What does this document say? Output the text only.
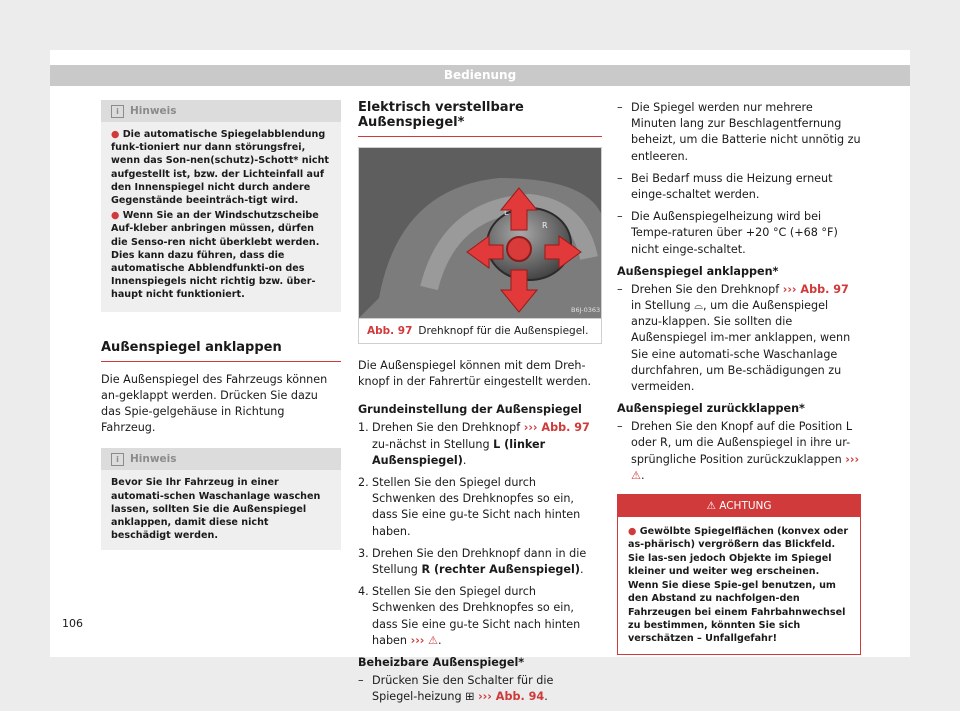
Bedienung
i Hinweis

● Die automatische Spiegelabblendung funk-tioniert nur dann störungsfrei, wenn das Son-nen(schutz)-Schott* nicht aufgestellt ist, bzw. der Lichteinfall auf den Innenspiegel nicht durch andere Gegenstände beeinträch-tigt wird.

● Wenn Sie an der Windschutzscheibe Auf-kleber anbringen müssen, dürfen die Senso-ren nicht überklebt werden. Dies kann dazu führen, dass die automatische Abblendfunkti-on des Innenspiegels nicht richtig bzw. über-haupt nicht funktioniert.

Außenspiegel anklappen

Die Außenspiegel des Fahrzeugs können an-geklappt werden. Drücken Sie dazu das Spie-gelgehäuse in Richtung Fahrzeug.

i Hinweis
Bevor Sie Ihr Fahrzeug in einer automati-schen Waschanlage waschen lassen, sollten Sie die Außenspiegel anklappen, damit diese nicht beschädigt werden.
Elektrisch verstellbare Außenspiegel*
L
R
B6J-0363
Abb. 97 Drehknopf für die Außenspiegel.

Die Außenspiegel können mit dem Dreh-knopf in der Fahrertür eingestellt werden.

Grundeinstellung der Außenspiegel
1. Drehen Sie den Drehknopf ››› Abb. 97 zu-nächst in Stellung L (linker Außenspiegel).
2. Stellen Sie den Spiegel durch Schwenken des Drehknopfes so ein, dass Sie eine gu-te Sicht nach hinten haben.
3. Drehen Sie den Drehknopf dann in die Stellung R (rechter Außenspiegel).
4. Stellen Sie den Spiegel durch Schwenken des Drehknopfes so ein, dass Sie eine gu-te Sicht nach hinten haben ››› ⚠.
Beheizbare Außenspiegel*
– Drücken Sie den Schalter für die Spiegel-heizung ⊞ ››› Abb. 94.
– Die Spiegel werden nur mehrere Minuten lang zur Beschlagentfernung beheizt, um die Batterie nicht unnötig zu entleeren.
– Bei Bedarf muss die Heizung erneut einge-schaltet werden.
– Die Außenspiegelheizung wird bei Tempe-raturen über +20 °C (+68 °F) nicht einge-schaltet.
Außenspiegel anklappen*
– Drehen Sie den Drehknopf ››› Abb. 97 in Stellung ⌓, um die Außenspiegel anzu-klappen. Sie sollten die Außenspiegel im-mer anklappen, wenn Sie eine automati-sche Waschanlage durchfahren, um Be-schädigungen zu vermeiden.
Außenspiegel zurückklappen*
– Drehen Sie den Knopf auf die Position L oder R, um die Außenspiegel in ihre ur-sprüngliche Position zurückzuklappen ››› ⚠.
⚠ ACHTUNG
● Gewölbte Spiegelflächen (konvex oder as-phärisch) vergrößern das Blickfeld. Sie las-sen jedoch Objekte im Spiegel kleiner und weiter weg erscheinen. Wenn Sie diese Spie-gel benutzen, um den Abstand zu nachfolgen-den Fahrzeugen bei einem Fahrbahnwechsel zu bestimmen, könnten Sie sich verschätzen – Unfallgefahr!
106
